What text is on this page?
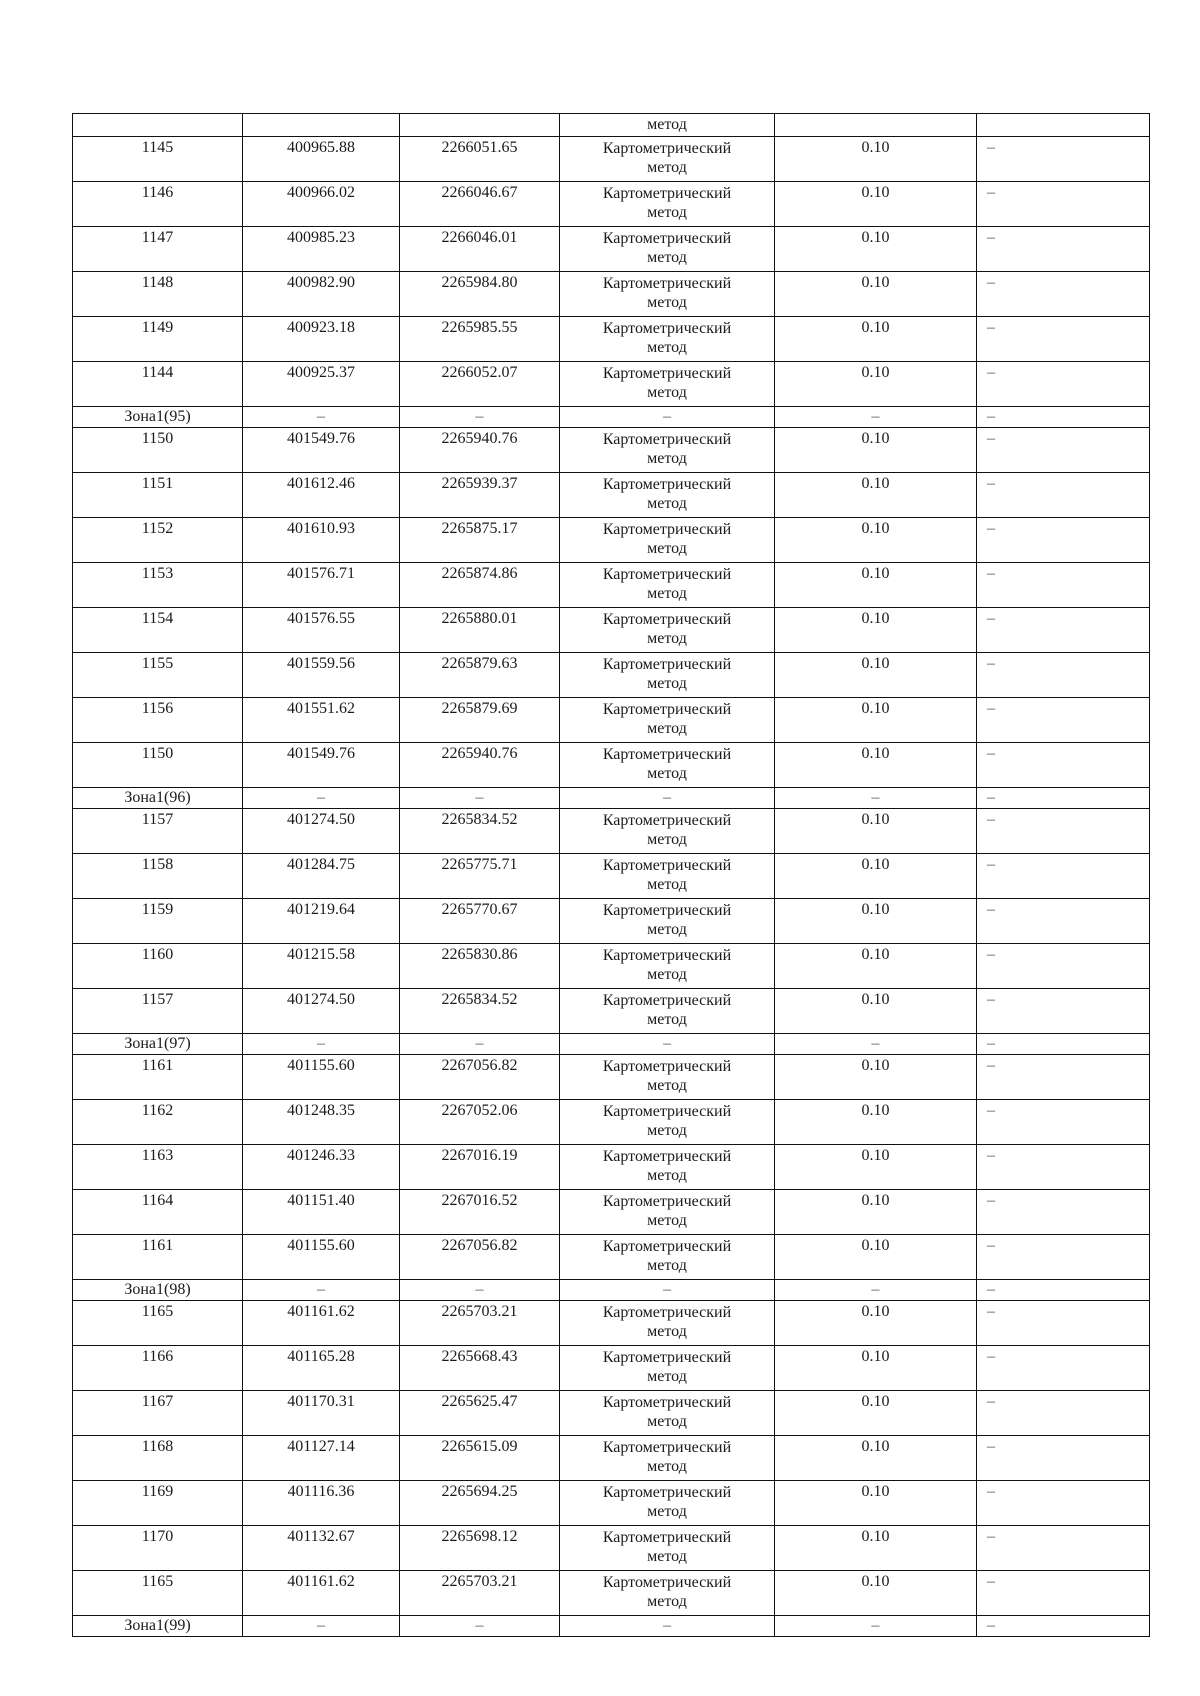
			метод		
1145	400965.88	2266051.65	Картометрический
метод	0.10	–
1146	400966.02	2266046.67	Картометрический
метод	0.10	–
1147	400985.23	2266046.01	Картометрический
метод	0.10	–
1148	400982.90	2265984.80	Картометрический
метод	0.10	–
1149	400923.18	2265985.55	Картометрический
метод	0.10	–
1144	400925.37	2266052.07	Картометрический
метод	0.10	–
Зона1(95)	–	–	–	–	–
1150	401549.76	2265940.76	Картометрический
метод	0.10	–
1151	401612.46	2265939.37	Картометрический
метод	0.10	–
1152	401610.93	2265875.17	Картометрический
метод	0.10	–
1153	401576.71	2265874.86	Картометрический
метод	0.10	–
1154	401576.55	2265880.01	Картометрический
метод	0.10	–
1155	401559.56	2265879.63	Картометрический
метод	0.10	–
1156	401551.62	2265879.69	Картометрический
метод	0.10	–
1150	401549.76	2265940.76	Картометрический
метод	0.10	–
Зона1(96)	–	–	–	–	–
1157	401274.50	2265834.52	Картометрический
метод	0.10	–
1158	401284.75	2265775.71	Картометрический
метод	0.10	–
1159	401219.64	2265770.67	Картометрический
метод	0.10	–
1160	401215.58	2265830.86	Картометрический
метод	0.10	–
1157	401274.50	2265834.52	Картометрический
метод	0.10	–
Зона1(97)	–	–	–	–	–
1161	401155.60	2267056.82	Картометрический
метод	0.10	–
1162	401248.35	2267052.06	Картометрический
метод	0.10	–
1163	401246.33	2267016.19	Картометрический
метод	0.10	–
1164	401151.40	2267016.52	Картометрический
метод	0.10	–
1161	401155.60	2267056.82	Картометрический
метод	0.10	–
Зона1(98)	–	–	–	–	–
1165	401161.62	2265703.21	Картометрический
метод	0.10	–
1166	401165.28	2265668.43	Картометрический
метод	0.10	–
1167	401170.31	2265625.47	Картометрический
метод	0.10	–
1168	401127.14	2265615.09	Картометрический
метод	0.10	–
1169	401116.36	2265694.25	Картометрический
метод	0.10	–
1170	401132.67	2265698.12	Картометрический
метод	0.10	–
1165	401161.62	2265703.21	Картометрический
метод	0.10	–
Зона1(99)	–	–	–	–	–
